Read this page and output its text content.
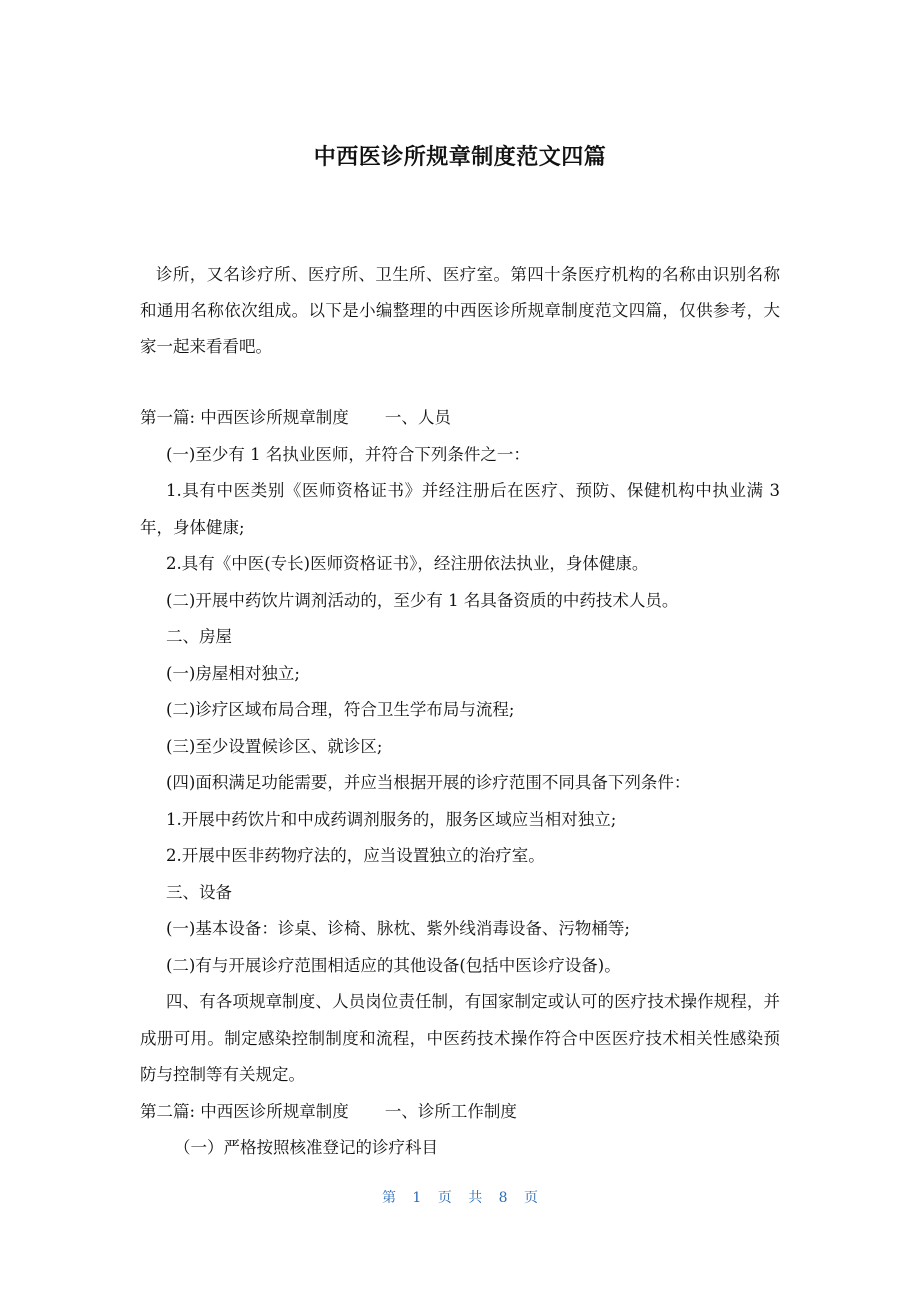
中西医诊所规章制度范文四篇

诊所，又名诊疗所、医疗所、卫生所、医疗室。第四十条医疗机构的名称由识别名称和通用名称依次组成。以下是小编整理的中西医诊所规章制度范文四篇，仅供参考，大家一起来看看吧。

第一篇: 中西医诊所规章制度 一、人员

(一)至少有 1 名执业医师，并符合下列条件之一：

1.具有中医类别《医师资格证书》并经注册后在医疗、预防、保健机构中执业满 3 年，身体健康;

2.具有《中医(专长)医师资格证书》，经注册依法执业，身体健康。

(二)开展中药饮片调剂活动的，至少有 1 名具备资质的中药技术人员。

二、房屋

(一)房屋相对独立;

(二)诊疗区域布局合理，符合卫生学布局与流程;

(三)至少设置候诊区、就诊区;

(四)面积满足功能需要，并应当根据开展的诊疗范围不同具备下列条件：

1.开展中药饮片和中成药调剂服务的，服务区域应当相对独立;

2.开展中医非药物疗法的，应当设置独立的治疗室。

三、设备

(一)基本设备：诊桌、诊椅、脉枕、紫外线消毒设备、污物桶等;

(二)有与开展诊疗范围相适应的其他设备(包括中医诊疗设备)。

四、有各项规章制度、人员岗位责任制，有国家制定或认可的医疗技术操作规程，并成册可用。制定感染控制制度和流程，中医药技术操作符合中医医疗技术相关性感染预防与控制等有关规定。

第二篇: 中西医诊所规章制度 一、诊所工作制度

（一）严格按照核准登记的诊疗科目

第 1 页 共 8 页
